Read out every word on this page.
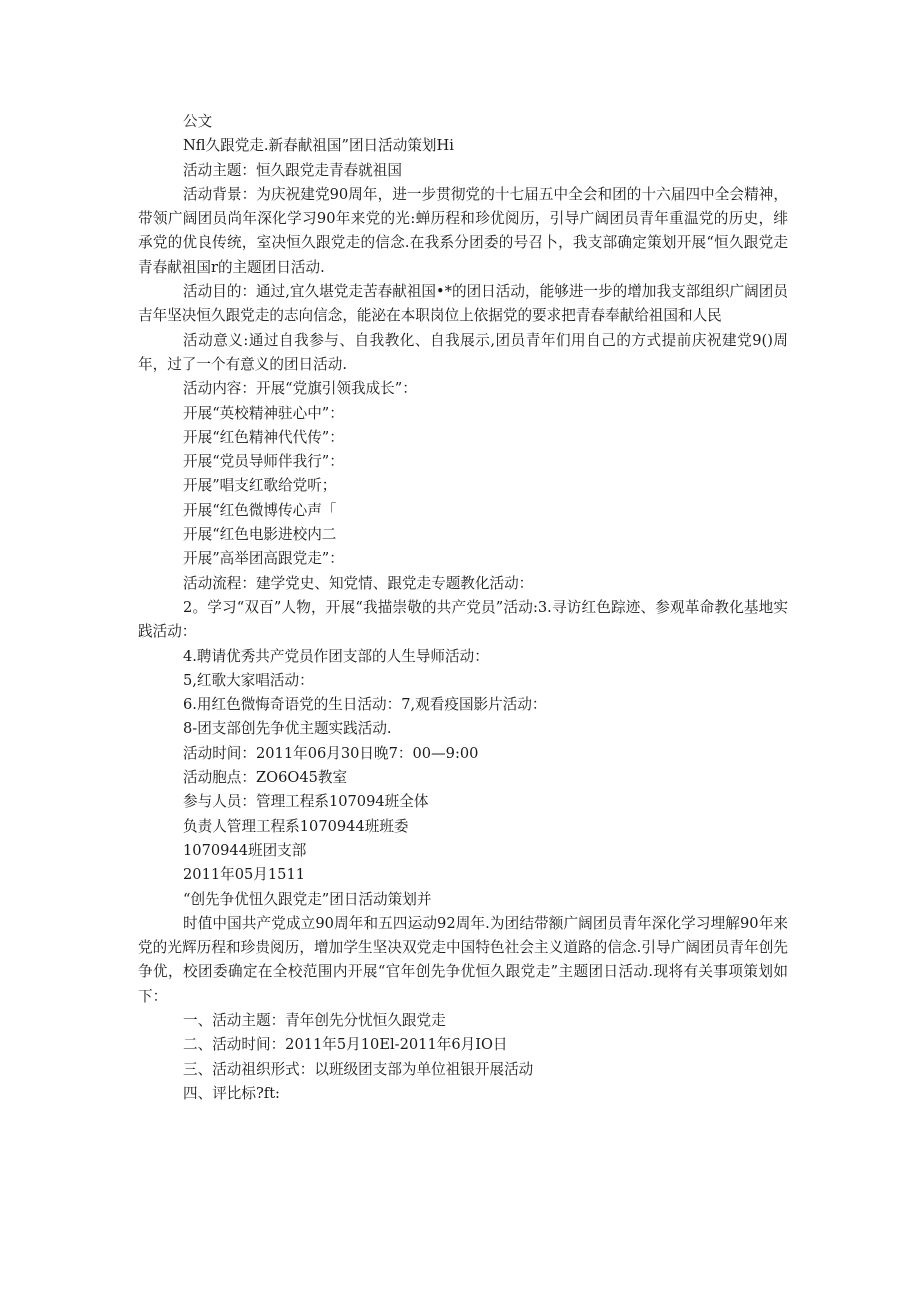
公文
Nfl久跟党走.新春献祖国”团日活动策划Hi
活动主题：恒久跟党走青春就祖国
活动背景：为庆祝建党90周年，进一步贯彻党的十七届五中全会和团的十六届四中全会精神，带领广阔团员尚年深化学习90年来党的光:蝉历程和珍优阅历，引导广阔团员青年重温党的历史，绯承党的优良传统，室决恒久跟党走的信念.在我系分团委的号召卜，我支部确定策划开展“恒久跟党走青春献祖国r的主题团日活动.
活动目的：通过,宜久堪党走苦春献祖国•*的团日活动，能够进一步的增加我支部组织广阔团员吉年坚决恒久跟党走的志向信念，能泌在本职岗位上依据党的要求把青春奉献给祖国和人民
活动意义:通过自我参与、自我教化、自我展示,团员青年们用自己的方式提前庆祝建党9()周年，过了一个有意义的团日活动.
活动内容：开展“党旗引领我成长”：
开展“英校精神驻心中”：
开展“红色精神代代传”：
开展“党员导师伴我行”：
开展”唱支红歌给党听；
开展“红色微博传心声「
开展“红色电影进校内二
开展”高举团高跟党走”：
活动流程：建学党史、知党情、跟党走专题教化活动：
2。学习“双百”人物，开展“我描崇敬的共产党员”活动:3.寻访红色踪迹、参观革命教化基地实践活动：
4.聘请优秀共产党员作团支部的人生导师活动：
5,红歌大家唱活动：
6.用红色微悔奇语党的生日活动：7,观看疫国影片活动：
8-团支部创先争优主题实践活动.
活动时间：2011年06月30日晚7：00—9:00
活动胞点：ZO6O45教室
参与人员：管理工程系107094班全体
负责人管理工程系1070944班班委
1070944班团支部
2011年05月1511
“创先争优忸久跟党走”团日活动策划并
时值中国共产党成立90周年和五四运动92周年.为团结带额广阔团员青年深化学习埋解90年来党的光辉历程和珍贵阅历，增加学生坚决双党走中国特色社会主义道路的信念.引导广阔团员青年创先争优，校团委确定在全校范围内开展“官年创先争优恒久跟党走”主题团日活动.现将有关事项策划如下：
一、活动主题：青年创先分忧恒久跟党走
二、活动时间：2011年5月10El-2011年6月IO日
三、活动祖织形式：以班级团支部为单位祖银开展活动
四、评比标?ft:
